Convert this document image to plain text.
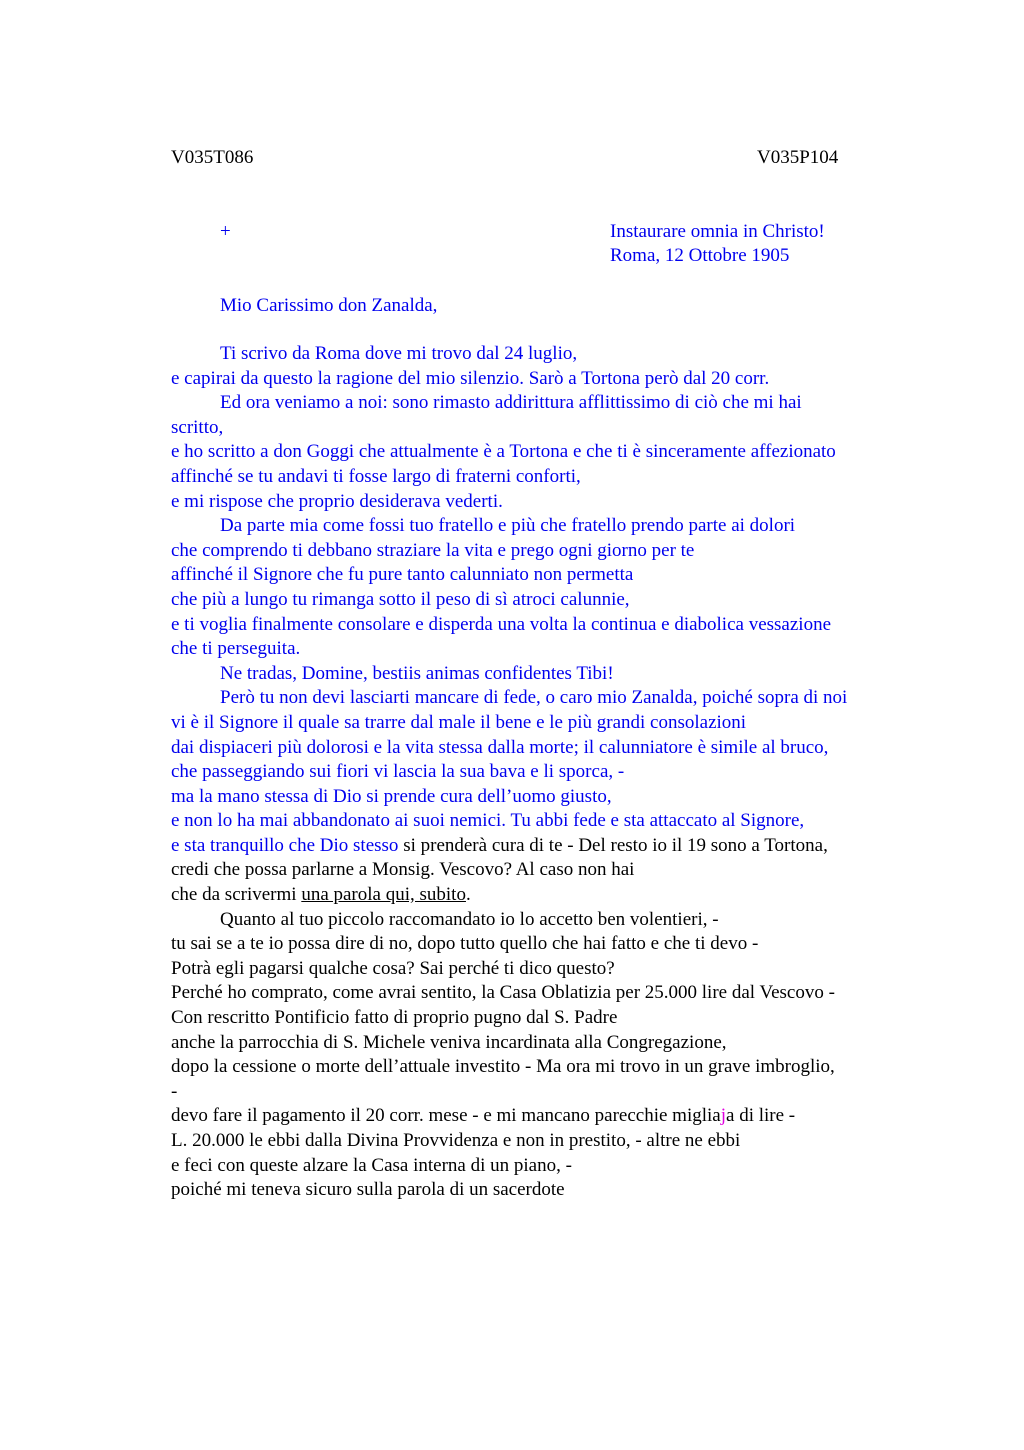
V035T086	V035P104
+	Instaurare omnia in Christo!
Roma, 12 Ottobre 1905
Mio Carissimo don Zanalda,
Ti scrivo da Roma dove mi trovo dal 24 luglio,
e capirai da questo la ragione del mio silenzio. Sarò a Tortona però dal 20 corr.
Ed ora veniamo a noi: sono rimasto addirittura afflittissimo di ciò che mi hai
scritto,
e ho scritto a don Goggi che attualmente è a Tortona e che ti è sinceramente affezionato
affinché se tu andavi ti fosse largo di fraterni conforti,
e mi rispose che proprio desiderava vederti.
Da parte mia come fossi tuo fratello e più che fratello prendo parte ai dolori
che comprendo ti debbano straziare la vita e prego ogni giorno per te
affinché il Signore che fu pure tanto calunniato non permetta
che più a lungo tu rimanga sotto il peso di sì atroci calunnie,
e ti voglia finalmente consolare e disperda una volta la continua e diabolica vessazione
che ti perseguita.
Ne tradas, Domine, bestiis animas confidentes Tibi!
Però tu non devi lasciarti mancare di fede, o caro mio Zanalda, poiché sopra di noi
vi è il Signore il quale sa trarre dal male il bene e le più grandi consolazioni
dai dispiaceri più dolorosi e la vita stessa dalla morte; il calunniatore è simile al bruco,
che passeggiando sui fiori vi lascia la sua bava e li sporca, -
ma la mano stessa di Dio si prende cura dell’uomo giusto,
e non lo ha mai abbandonato ai suoi nemici. Tu abbi fede e sta attaccato al Signore,
e sta tranquillo che Dio stesso si prenderà cura di te - Del resto io il 19 sono a Tortona,
credi che possa parlarne a Monsig. Vescovo? Al caso non hai
che da scrivermi una parola qui, subito.
Quanto al tuo piccolo raccomandato io lo accetto ben volentieri, -
tu sai se a te io possa dire di no, dopo tutto quello che hai fatto e che ti devo -
Potrà egli pagarsi qualche cosa? Sai perché ti dico questo?
Perché ho comprato, come avrai sentito, la Casa Oblatizia per 25.000 lire dal Vescovo -
Con rescritto Pontificio fatto di proprio pugno dal S. Padre
anche la parrocchia di S. Michele veniva incardinata alla Congregazione,
dopo la cessione o morte dell’attuale investito - Ma ora mi trovo in un grave imbroglio,
-
devo fare il pagamento il 20 corr. mese - e mi mancano parecchie migliaja di lire -
L. 20.000 le ebbi dalla Divina Provvidenza e non in prestito, - altre ne ebbi
e feci con queste alzare la Casa interna di un piano, -
poiché mi teneva sicuro sulla parola di un sacerdote
